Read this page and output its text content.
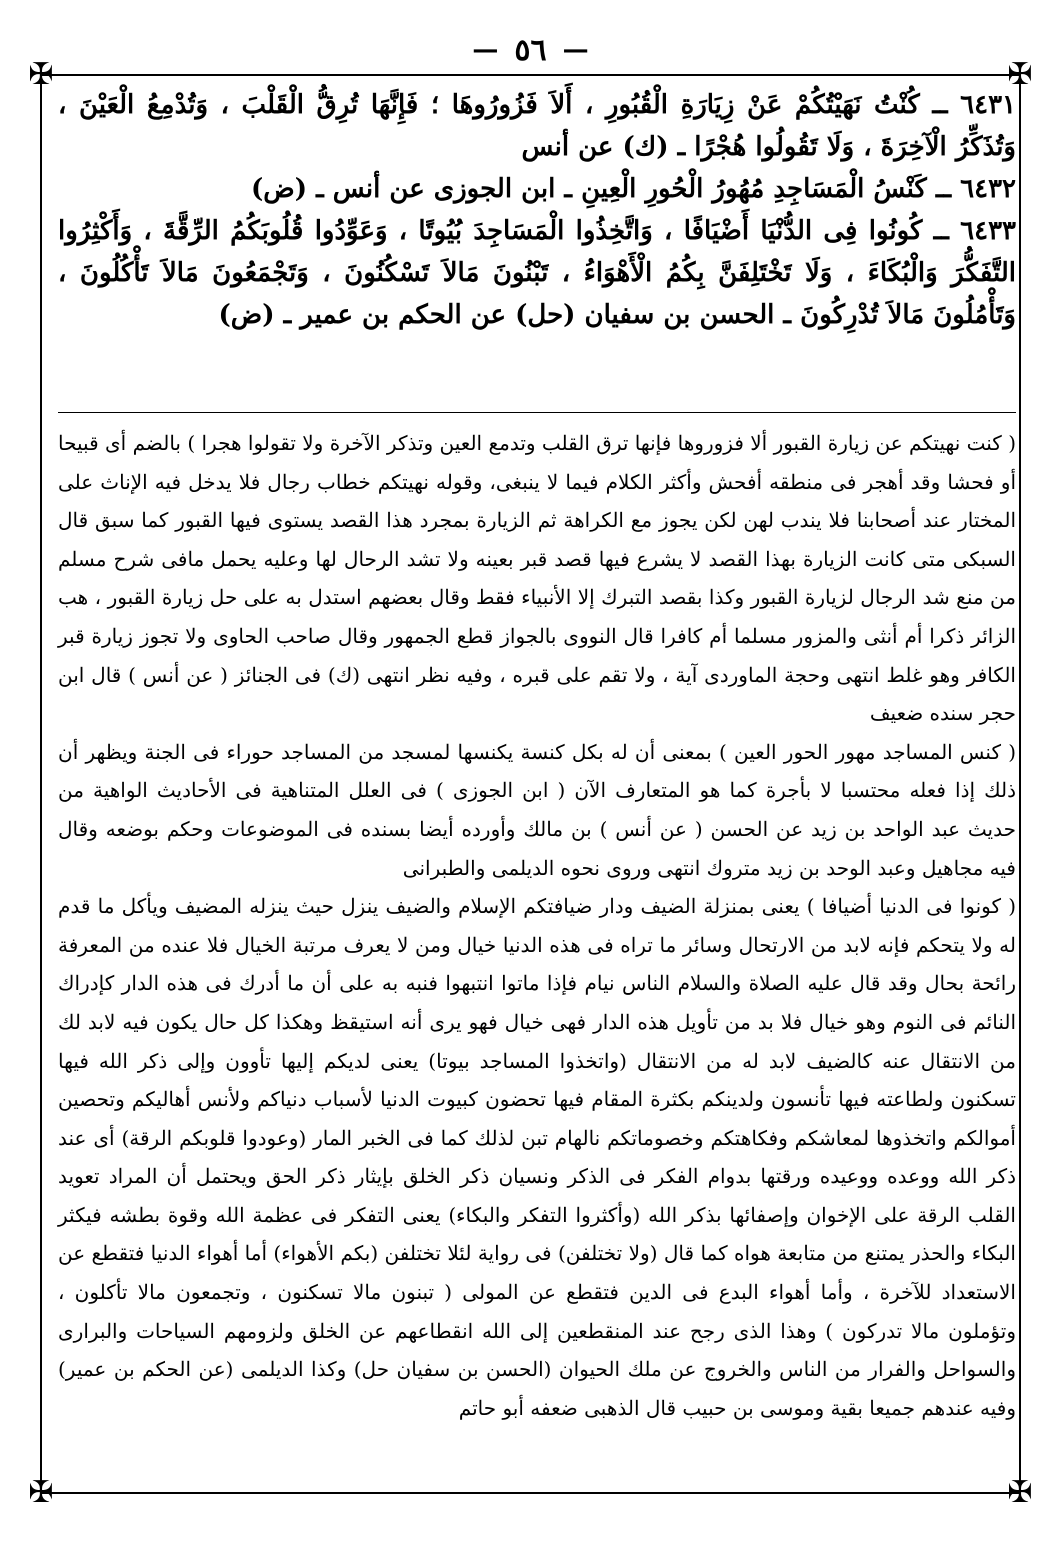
—
٥٦
—
✠	✠
✠	✠

٦٤٣١ ــ كُنْتُ نَهَيْتُكُمْ عَنْ زِيَارَةِ الْقُبُورِ ، أَلاَ فَزُورُوهَا ؛ فَإِنَّهَا تُرِقُّ الْقَلْبَ ، وَتُدْمِعُ الْعَيْنَ ، وَتُذَكِّرُ الْآخِرَةَ ، وَلَا تَقُولُوا هُجْرًا ـ (ك) عن أنس

٦٤٣٢ ــ كَنْسُ الْمَسَاجِدِ مُهُورُ الْحُورِ الْعِينِ ـ ابن الجوزى عن أنس ـ (ض)

٦٤٣٣ ــ كُونُوا فِى الدُّنْيَا أَضْيَافًا ، وَاتَّخِذُوا الْمَسَاجِدَ بُيُوتًا ، وَعَوِّدُوا قُلُوبَكُمُ الرِّقَّةَ ، وَأَكْثِرُوا التَّفَكُّرَ وَالْبُكَاءَ ، وَلَا تَخْتَلِفَنَّ بِكُمُ الْأَهْوَاءُ ، تَبْنُونَ مَالاَ تَسْكُنُونَ ، وَتَجْمَعُونَ مَالاَ تَأْكُلُونَ ، وَتَأْمُلُونَ مَالاَ تُدْرِكُونَ ـ الحسن بن سفيان (حل) عن الحكم بن عمير ـ (ض)

( كنت نهيتكم عن زيارة القبور ألا فزوروها فإنها ترق القلب وتدمع العين وتذكر الآخرة ولا تقولوا هجرا ) بالضم أى قبيحا أو فحشا وقد أهجر فى منطقه أفحش وأكثر الكلام فيما لا ينبغى، وقوله نهيتكم خطاب رجال فلا يدخل فيه الإناث على المختار عند أصحابنا فلا يندب لهن لكن يجوز مع الكراهة ثم الزيارة بمجرد هذا القصد يستوى فيها القبور كما سبق قال السبكى متى كانت الزيارة بهذا القصد لا يشرع فيها قصد قبر بعينه ولا تشد الرحال لها وعليه يحمل مافى شرح مسلم من منع شد الرجال لزيارة القبور وكذا بقصد التبرك إلا الأنبياء فقط وقال بعضهم استدل به على حل زيارة القبور ، هب الزائر ذكرا أم أنثى والمزور مسلما أم كافرا قال النووى بالجواز قطع الجمهور وقال صاحب الحاوى ولا تجوز زيارة قبر الكافر وهو غلط انتهى وحجة الماوردى آية ، ولا تقم على قبره ، وفيه نظر انتهى (ك) فى الجنائز ( عن أنس ) قال ابن حجر سنده ضعيف

( كنس المساجد مهور الحور العين ) بمعنى أن له بكل كنسة يكنسها لمسجد من المساجد حوراء فى الجنة ويظهر أن ذلك إذا فعله محتسبا لا بأجرة كما هو المتعارف الآن ( ابن الجوزى ) فى العلل المتناهية فى الأحاديث الواهية من حديث عبد الواحد بن زيد عن الحسن ( عن أنس ) بن مالك وأورده أيضا بسنده فى الموضوعات وحكم بوضعه وقال فيه مجاهيل وعبد الوحد بن زيد متروك انتهى وروى نحوه الديلمى والطبرانى

( كونوا فى الدنيا أضيافا ) يعنى بمنزلة الضيف ودار ضيافتكم الإسلام والضيف ينزل حيث ينزله المضيف ويأكل ما قدم له ولا يتحكم فإنه لابد من الارتحال وسائر ما تراه فى هذه الدنيا خيال ومن لا يعرف مرتبة الخيال فلا عنده من المعرفة رائحة بحال وقد قال عليه الصلاة والسلام الناس نيام فإذا ماتوا انتبهوا فنبه به على أن ما أدرك فى هذه الدار كإدراك النائم فى النوم وهو خيال فلا بد من تأويل هذه الدار فهى خيال فهو يرى أنه استيقظ وهكذا كل حال يكون فيه لابد لك من الانتقال عنه كالضيف لابد له من الانتقال (واتخذوا المساجد بيوتا) يعنى لديكم إليها تأوون وإلى ذكر الله فيها تسكنون ولطاعته فيها تأنسون ولدينكم بكثرة المقام فيها تحضون كبيوت الدنيا لأسباب دنياكم ولأنس أهاليكم وتحصين أموالكم واتخذوها لمعاشكم وفكاهتكم وخصوماتكم نالهام تبن لذلك كما فى الخبر المار (وعودوا قلوبكم الرقة) أى عند ذكر الله ووعده ووعيده ورقتها بدوام الفكر فى الذكر ونسيان ذكر الخلق بإيثار ذكر الحق ويحتمل أن المراد تعويد القلب الرقة على الإخوان وإصفائها بذكر الله (وأكثروا التفكر والبكاء) يعنى التفكر فى عظمة الله وقوة بطشه فيكثر البكاء والحذر يمتنع من متابعة هواه كما قال (ولا تختلفن) فى رواية لئلا تختلفن (بكم الأهواء) أما أهواء الدنيا فتقطع عن الاستعداد للآخرة ، وأما أهواء البدع فى الدين فتقطع عن المولى ( تبنون مالا تسكنون ، وتجمعون مالا تأكلون ، وتؤملون مالا تدركون ) وهذا الذى رجح عند المنقطعين إلى الله انقطاعهم عن الخلق ولزومهم السياحات والبرارى والسواحل والفرار من الناس والخروج عن ملك الحيوان (الحسن بن سفيان حل) وكذا الديلمى (عن الحكم بن عمير) وفيه عندهم جميعا بقية وموسى بن حبيب قال الذهبى ضعفه أبو حاتم
